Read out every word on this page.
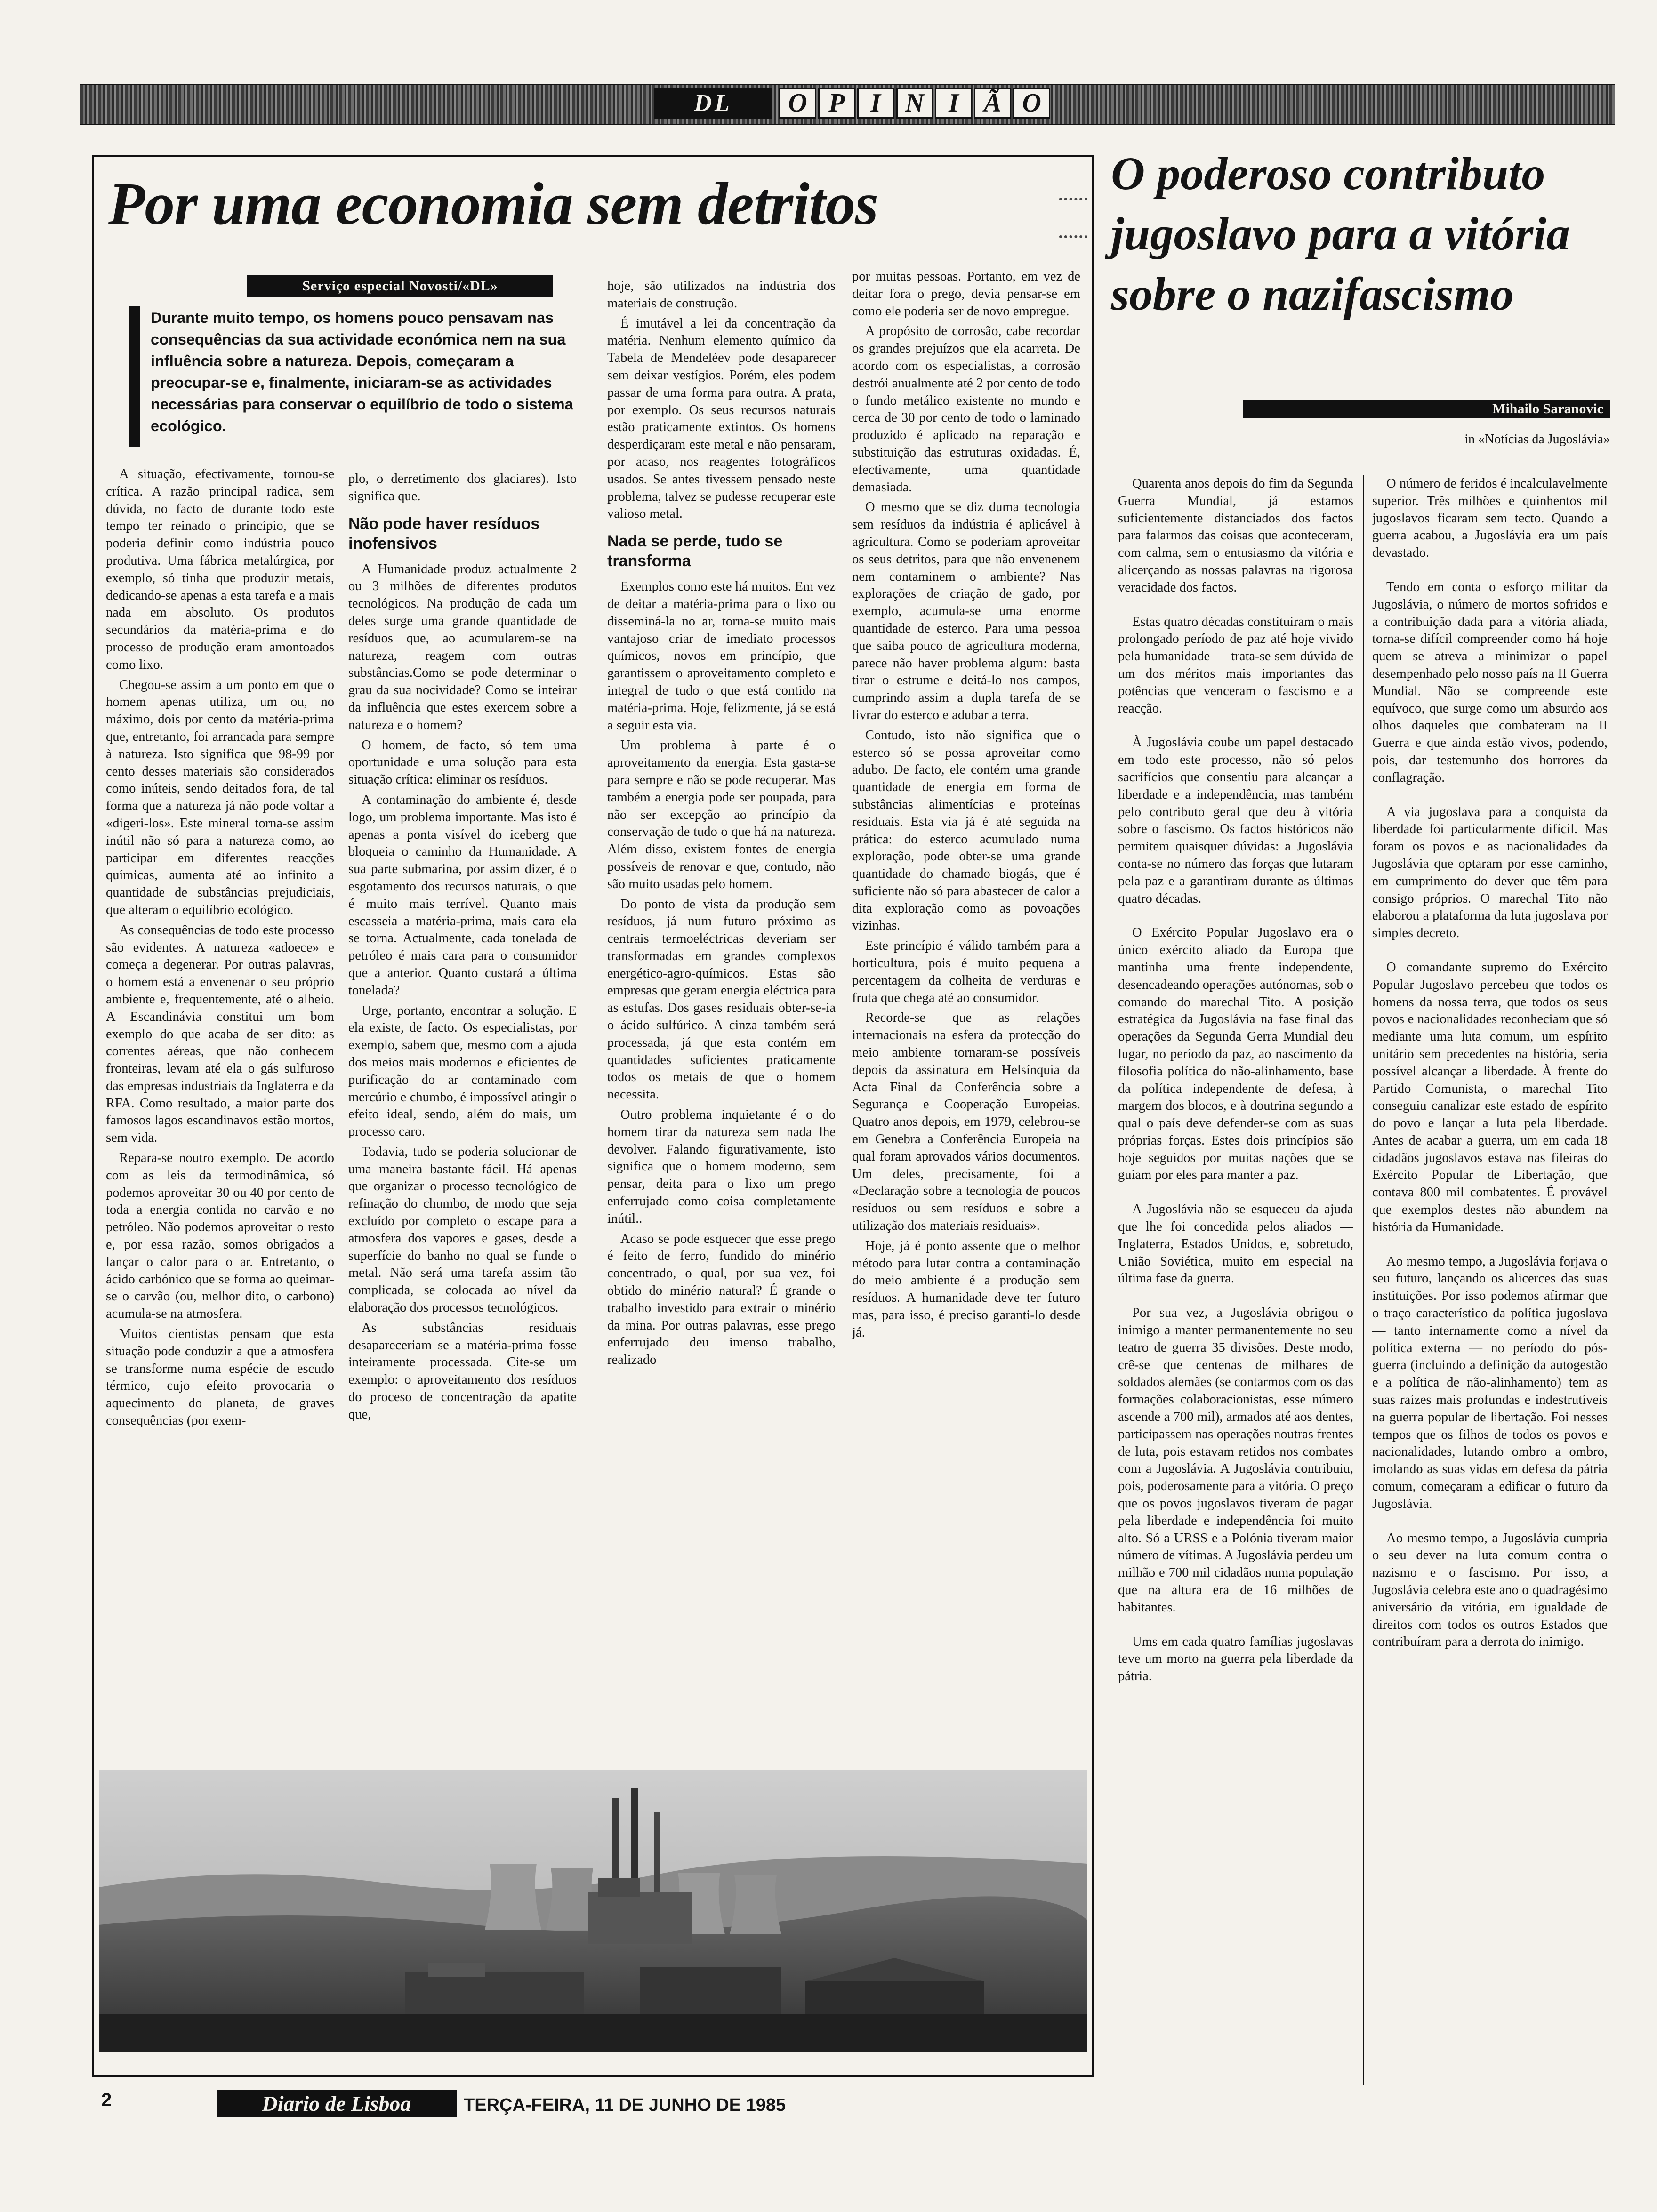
DL	O P I N I Ã O
Por uma economia sem detritos
Serviço especial Novosti/«DL»
Durante muito tempo, os homens pouco pensavam nas consequências da sua actividade económica nem na sua influência sobre a natureza. Depois, começaram a preocupar-se e, finalmente, iniciaram-se as actividades necessárias para conservar o equilíbrio de todo o sistema ecológico.

A situação, efectivamente, tornou-se crítica. A razão principal radica, sem dúvida, no facto de durante todo este tempo ter reinado o princípio, que se poderia definir como indústria pouco produtiva. Uma fábrica metalúrgica, por exemplo, só tinha que produzir metais, dedicando-se apenas a esta tarefa e a mais nada em absoluto. Os produtos secundários da matéria-prima e do processo de produção eram amontoados como lixo.

Chegou-se assim a um ponto em que o homem apenas utiliza, um ou, no máximo, dois por cento da matéria-prima que, entretanto, foi arrancada para sempre à natureza. Isto significa que 98-99 por cento desses materiais são considerados como inúteis, sendo deitados fora, de tal forma que a natureza já não pode voltar a «digeri-los». Este mineral torna-se assim inútil não só para a natureza como, ao participar em diferentes reacções químicas, aumenta até ao infinito a quantidade de substâncias prejudiciais, que alteram o equilíbrio ecológico.

As consequências de todo este processo são evidentes. A natureza «adoece» e começa a degenerar. Por outras palavras, o homem está a envenenar o seu próprio ambiente e, frequentemente, até o alheio. A Escandinávia constitui um bom exemplo do que acaba de ser dito: as correntes aéreas, que não conhecem fronteiras, levam até ela o gás sulfuroso das empresas industriais da Inglaterra e da RFA. Como resultado, a maior parte dos famosos lagos escandinavos estão mortos, sem vida.

Repara-se noutro exemplo. De acordo com as leis da termodinâmica, só podemos aproveitar 30 ou 40 por cento de toda a energia contida no carvão e no petróleo. Não podemos aproveitar o resto e, por essa razão, somos obrigados a lançar o calor para o ar. Entretanto, o ácido carbónico que se forma ao queimar-se o carvão (ou, melhor dito, o carbono) acumula-se na atmosfera.

Muitos cientistas pensam que esta situação pode conduzir a que a atmosfera se transforme numa espécie de escudo térmico, cujo efeito provocaria o aquecimento do planeta, de graves consequências (por exem-

plo, o derretimento dos glaciares). Isto significa que.

Não pode haver resíduos inofensivos

A Humanidade produz actualmente 2 ou 3 milhões de diferentes produtos tecnológicos. Na produção de cada um deles surge uma grande quantidade de resíduos que, ao acumularem-se na natureza, reagem com outras substâncias.Como se pode determinar o grau da sua nocividade? Como se inteirar da influência que estes exercem sobre a natureza e o homem?

O homem, de facto, só tem uma oportunidade e uma solução para esta situação crítica: eliminar os resíduos.

A contaminação do ambiente é, desde logo, um problema importante. Mas isto é apenas a ponta visível do iceberg que bloqueia o caminho da Humanidade. A sua parte submarina, por assim dizer, é o esgotamento dos recursos naturais, o que é muito mais terrível. Quanto mais escasseia a matéria-prima, mais cara ela se torna. Actualmente, cada tonelada de petróleo é mais cara para o consumidor que a anterior. Quanto custará a última tonelada?

Urge, portanto, encontrar a solução. E ela existe, de facto. Os especialistas, por exemplo, sabem que, mesmo com a ajuda dos meios mais modernos e eficientes de purificação do ar contaminado com mercúrio e chumbo, é impossível atingir o efeito ideal, sendo, além do mais, um processo caro.

Todavia, tudo se poderia solucionar de uma maneira bastante fácil. Há apenas que organizar o processo tecnológico de refinação do chumbo, de modo que seja excluído por completo o escape para a atmosfera dos vapores e gases, desde a superfície do banho no qual se funde o metal. Não será uma tarefa assim tão complicada, se colocada ao nível da elaboração dos processos tecnológicos.

As substâncias residuais desapareceriam se a matéria-prima fosse inteiramente processada. Cite-se um exemplo: o aproveitamento dos resíduos do proceso de concentração da apatite que,

hoje, são utilizados na indústria dos materiais de construção.

É imutável a lei da concentração da matéria. Nenhum elemento químico da Tabela de Mendeléev pode desaparecer sem deixar vestígios. Porém, eles podem passar de uma forma para outra. A prata, por exemplo. Os seus recursos naturais estão praticamente extintos. Os homens desperdiçaram este metal e não pensaram, por acaso, nos reagentes fotográficos usados. Se antes tivessem pensado neste problema, talvez se pudesse recuperar este valioso metal.

Nada se perde, tudo se transforma

Exemplos como este há muitos. Em vez de deitar a matéria-prima para o lixo ou disseminá-la no ar, torna-se muito mais vantajoso criar de imediato processos químicos, novos em princípio, que garantissem o aproveitamento completo e integral de tudo o que está contido na matéria-prima. Hoje, felizmente, já se está a seguir esta via.

Um problema à parte é o aproveitamento da energia. Esta gasta-se para sempre e não se pode recuperar. Mas também a energia pode ser poupada, para não ser excepção ao princípio da conservação de tudo o que há na natureza. Além disso, existem fontes de energia possíveis de renovar e que, contudo, não são muito usadas pelo homem.

Do ponto de vista da produção sem resíduos, já num futuro próximo as centrais termoeléctricas deveriam ser transformadas em grandes complexos energético-agro-químicos. Estas são empresas que geram energia eléctrica para as estufas. Dos gases residuais obter-se-ia o ácido sulfúrico. A cinza também será processada, já que esta contém em quantidades suficientes praticamente todos os metais de que o homem necessita.

Outro problema inquietante é o do homem tirar da natureza sem nada lhe devolver. Falando figurativamente, isto significa que o homem moderno, sem pensar, deita para o lixo um prego enferrujado como coisa completamente inútil..

Acaso se pode esquecer que esse prego é feito de ferro, fundido do minério concentrado, o qual, por sua vez, foi obtido do minério natural? É grande o trabalho investido para extrair o minério da mina. Por outras palavras, esse prego enferrujado deu imenso trabalho, realizado

por muitas pessoas. Portanto, em vez de deitar fora o prego, devia pensar-se em como ele poderia ser de novo empregue.

A propósito de corrosão, cabe recordar os grandes prejuízos que ela acarreta. De acordo com os especialistas, a corrosão destrói anualmente até 2 por cento de todo o fundo metálico existente no mundo e cerca de 30 por cento de todo o laminado produzido é aplicado na reparação e substituição das estruturas oxidadas. É, efectivamente, uma quantidade demasiada.

O mesmo que se diz duma tecnologia sem resíduos da indústria é aplicável à agricultura. Como se poderiam aproveitar os seus detritos, para que não envenenem nem contaminem o ambiente? Nas explorações de criação de gado, por exemplo, acumula-se uma enorme quantidade de esterco. Para uma pessoa que saiba pouco de agricultura moderna, parece não haver problema algum: basta tirar o estrume e deitá-lo nos campos, cumprindo assim a dupla tarefa de se livrar do esterco e adubar a terra.

Contudo, isto não significa que o esterco só se possa aproveitar como adubo. De facto, ele contém uma grande quantidade de energia em forma de substâncias alimentícias e proteínas residuais. Esta via já é até seguida na prática: do esterco acumulado numa exploração, pode obter-se uma grande quantidade do chamado biogás, que é suficiente não só para abastecer de calor a dita exploração como as povoações vizinhas.

Este princípio é válido também para a horticultura, pois é muito pequena a percentagem da colheita de verduras e fruta que chega até ao consumidor.

Recorde-se que as relações internacionais na esfera da protecção do meio ambiente tornaram-se possíveis depois da assinatura em Helsínquia da Acta Final da Conferência sobre a Segurança e Cooperação Europeias. Quatro anos depois, em 1979, celebrou-se em Genebra a Conferência Europeia na qual foram aprovados vários documentos. Um deles, precisamente, foi a «Declaração sobre a tecnologia de poucos resíduos ou sem resíduos e sobre a utilização dos materiais residuais».

Hoje, já é ponto assente que o melhor método para lutar contra a contaminação do meio ambiente é a produção sem resíduos. A humanidade deve ter futuro mas, para isso, é preciso garanti-lo desde já.

2	Diario de Lisboa	TERÇA-FEIRA, 11 DE JUNHO DE 1985
O poderoso contributo jugoslavo para a vitória sobre o nazifascismo
Mihailo Saranovic
in «Notícias da Jugoslávia»

Quarenta anos depois do fim da Segunda Guerra Mundial, já estamos suficientemente distanciados dos factos para falarmos das coisas que aconteceram, com calma, sem o entusiasmo da vitória e alicerçando as nossas palavras na rigorosa veracidade dos factos.

Estas quatro décadas constituíram o mais prolongado período de paz até hoje vivido pela humanidade — trata-se sem dúvida de um dos méritos mais importantes das potências que venceram o fascismo e a reacção.

À Jugoslávia coube um papel destacado em todo este processo, não só pelos sacrifícios que consentiu para alcançar a liberdade e a independência, mas também pelo contributo geral que deu à vitória sobre o fascismo. Os factos históricos não permitem quaisquer dúvidas: a Jugoslávia conta-se no número das forças que lutaram pela paz e a garantiram durante as últimas quatro décadas.

O Exército Popular Jugoslavo era o único exército aliado da Europa que mantinha uma frente independente, desencadeando operações autónomas, sob o comando do marechal Tito. A posição estratégica da Jugoslávia na fase final das operações da Segunda Gerra Mundial deu lugar, no período da paz, ao nascimento da filosofia política do não-alinhamento, base da política independente de defesa, à margem dos blocos, e à doutrina segundo a qual o país deve defender-se com as suas próprias forças. Estes dois princípios são hoje seguidos por muitas nações que se guiam por eles para manter a paz.

A Jugoslávia não se esqueceu da ajuda que lhe foi concedida pelos aliados — Inglaterra, Estados Unidos, e, sobretudo, União Soviética, muito em especial na última fase da guerra.

Por sua vez, a Jugoslávia obrigou o inimigo a manter permanentemente no seu teatro de guerra 35 divisões. Deste modo, crê-se que centenas de milhares de soldados alemães (se contarmos com os das formações colaboracionistas, esse número ascende a 700 mil), armados até aos dentes, participassem nas operações noutras frentes de luta, pois estavam retidos nos combates com a Jugoslávia. A Jugoslávia contribuiu, pois, poderosamente para a vitória. O preço que os povos jugoslavos tiveram de pagar pela liberdade e independência foi muito alto. Só a URSS e a Polónia tiveram maior número de vítimas. A Jugoslávia perdeu um milhão e 700 mil cidadãos numa população que na altura era de 16 milhões de habitantes.

Ums em cada quatro famílias jugoslavas teve um morto na guerra pela liberdade da pátria.

O número de feridos é incalculavelmente superior. Três milhões e quinhentos mil jugoslavos ficaram sem tecto. Quando a guerra acabou, a Jugoslávia era um país devastado.

Tendo em conta o esforço militar da Jugoslávia, o número de mortos sofridos e a contribuição dada para a vitória aliada, torna-se difícil compreender como há hoje quem se atreva a minimizar o papel desempenhado pelo nosso país na II Guerra Mundial. Não se compreende este equívoco, que surge como um absurdo aos olhos daqueles que combateram na II Guerra e que ainda estão vivos, podendo, pois, dar testemunho dos horrores da conflagração.

A via jugoslava para a conquista da liberdade foi particularmente difícil. Mas foram os povos e as nacionalidades da Jugoslávia que optaram por esse caminho, em cumprimento do dever que têm para consigo próprios. O marechal Tito não elaborou a plataforma da luta jugoslava por simples decreto.

O comandante supremo do Exército Popular Jugoslavo percebeu que todos os homens da nossa terra, que todos os seus povos e nacionalidades reconheciam que só mediante uma luta comum, um espírito unitário sem precedentes na história, seria possível alcançar a liberdade. À frente do Partido Comunista, o marechal Tito conseguiu canalizar este estado de espírito do povo e lançar a luta pela liberdade. Antes de acabar a guerra, um em cada 18 cidadãos jugoslavos estava nas fileiras do Exército Popular de Libertação, que contava 800 mil combatentes. É provável que exemplos destes não abundem na história da Humanidade.

Ao mesmo tempo, a Jugoslávia forjava o seu futuro, lançando os alicerces das suas instituições. Por isso podemos afirmar que o traço característico da política jugoslava — tanto internamente como a nível da política externa — no período do pós-guerra (incluindo a definição da autogestão e a política de não-alinhamento) tem as suas raízes mais profundas e indestrutíveis na guerra popular de libertação. Foi nesses tempos que os filhos de todos os povos e nacionalidades, lutando ombro a ombro, imolando as suas vidas em defesa da pátria comum, começaram a edificar o futuro da Jugoslávia.

Ao mesmo tempo, a Jugoslávia cumpria o seu dever na luta comum contra o nazismo e o fascismo. Por isso, a Jugoslávia celebra este ano o quadragésimo aniversário da vitória, em igualdade de direitos com todos os outros Estados que contribuíram para a derrota do inimigo.
